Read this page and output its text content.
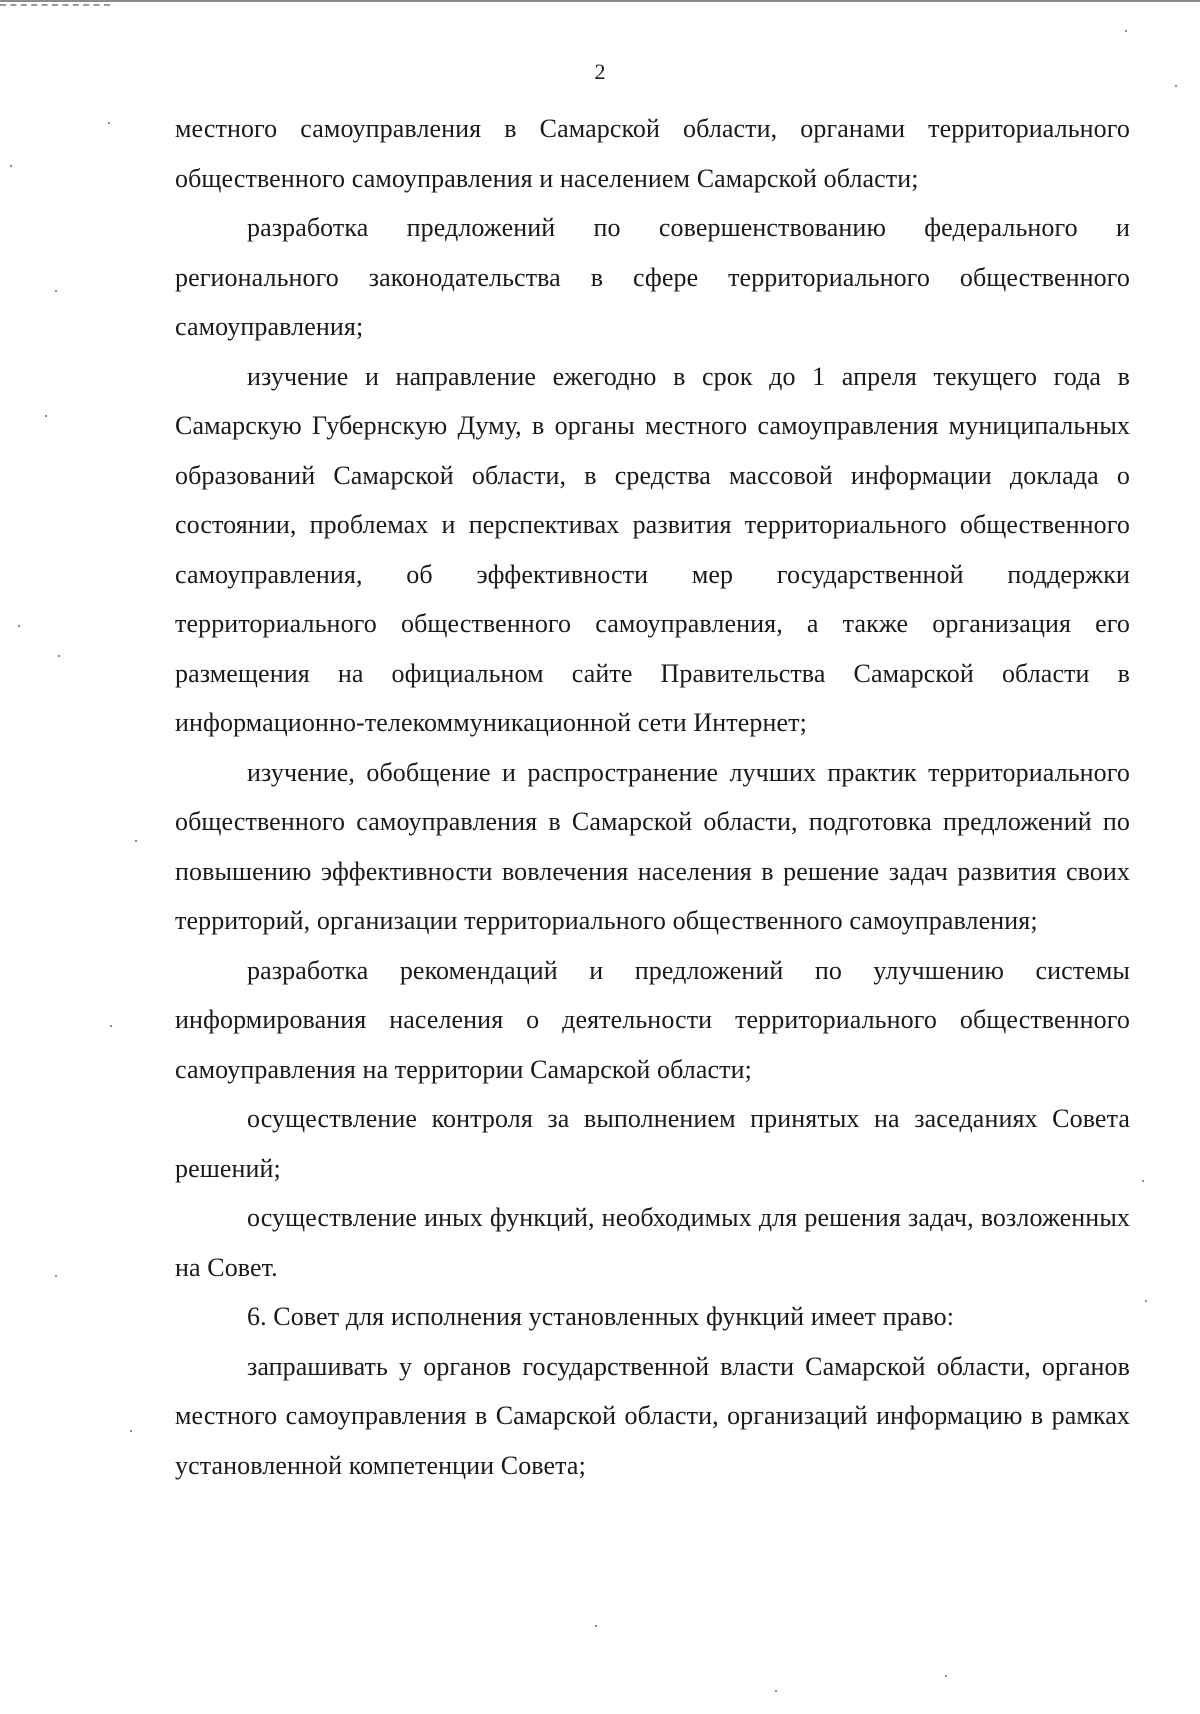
2

местного самоуправления в Самарской области, органами территориального общественного самоуправления и населением Самарской области;

разработка предложений по совершенствованию федерального и регионального законодательства в сфере территориального общественного самоуправления;

изучение и направление ежегодно в срок до 1 апреля текущего года в Самарскую Губернскую Думу, в органы местного самоуправления муниципальных образований Самарской области, в средства массовой информации доклада о состоянии, проблемах и перспективах развития территориального общественного самоуправления, об эффективности мер государственной поддержки территориального общественного самоуправления, а также организация его размещения на официальном сайте Правительства Самарской области в информационно-телекоммуникационной сети Интернет;

изучение, обобщение и распространение лучших практик территориального общественного самоуправления в Самарской области, подготовка предложений по повышению эффективности вовлечения населения в решение задач развития своих территорий, организации территориального общественного самоуправления;

разработка рекомендаций и предложений по улучшению системы информирования населения о деятельности территориального общественного самоуправления на территории Самарской области;

осуществление контроля за выполнением принятых на заседаниях Совета решений;

осуществление иных функций, необходимых для решения задач, возложенных на Совет.

6. Совет для исполнения установленных функций имеет право:

запрашивать у органов государственной власти Самарской области, органов местного самоуправления в Самарской области, организаций информацию в рамках установленной компетенции Совета;
